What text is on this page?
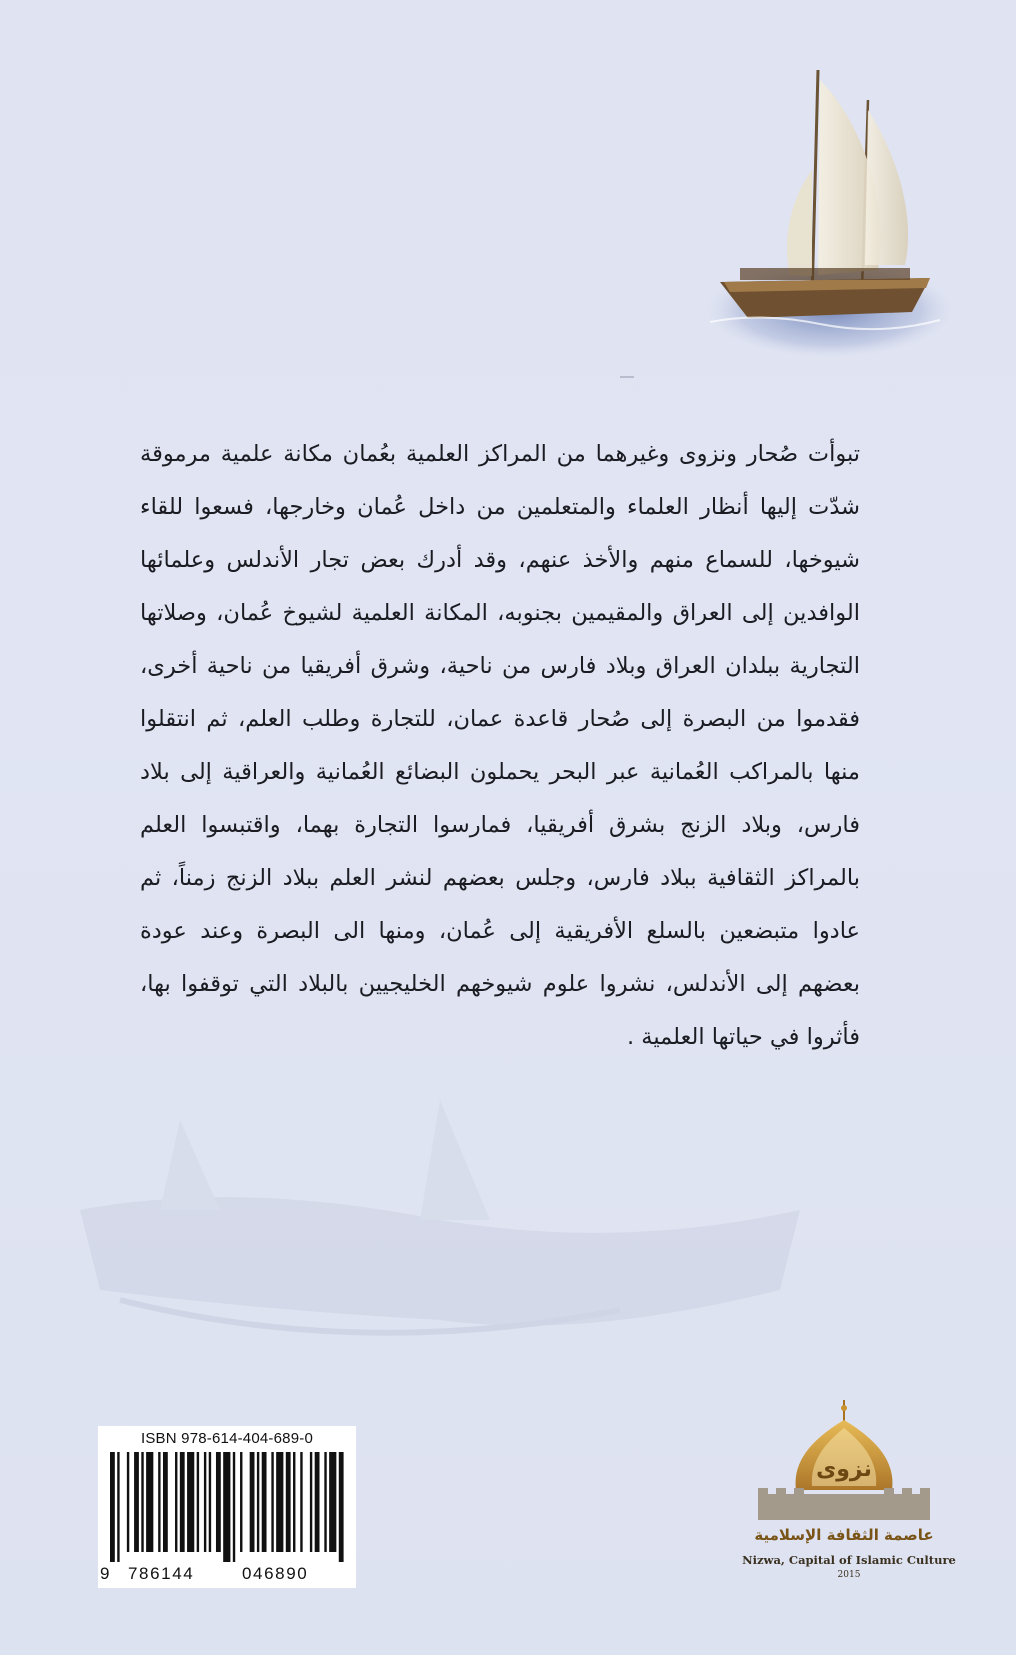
تبوأت صُحار ونزوى وغيرهما من المراكز العلمية بعُمان مكانة علمية مرموقة شدّت إليها أنظار العلماء والمتعلمين من داخل عُمان وخارجها، فسعوا للقاء شيوخها، للسماع منهم والأخذ عنهم، وقد أدرك بعض تجار الأندلس وعلمائها الوافدين إلى العراق والمقيمين بجنوبه، المكانة العلمية لشيوخ عُمان، وصلاتها التجارية ببلدان العراق وبلاد فارس من ناحية، وشرق أفريقيا من ناحية أخرى، فقدموا من البصرة إلى صُحار قاعدة عمان، للتجارة وطلب العلم، ثم انتقلوا منها بالمراكب العُمانية عبر البحر يحملون البضائع العُمانية والعراقية إلى بلاد فارس، وبلاد الزنج بشرق أفريقيا، فمارسوا التجارة بهما، واقتبسوا العلم بالمراكز الثقافية ببلاد فارس، وجلس بعضهم لنشر العلم ببلاد الزنج زمناً، ثم عادوا متبضعين بالسلع الأفريقية إلى عُمان، ومنها الى البصرة وعند عودة بعضهم إلى الأندلس، نشروا علوم شيوخهم الخليجيين بالبلاد التي توقفوا بها، فأثروا في حياتها العلمية .

ISBN 978-614-404-689-0
9 786144	046890
نزوى
عاصمة الثقافة الإسلامية
Nizwa, Capital of Islamic Culture
2015
